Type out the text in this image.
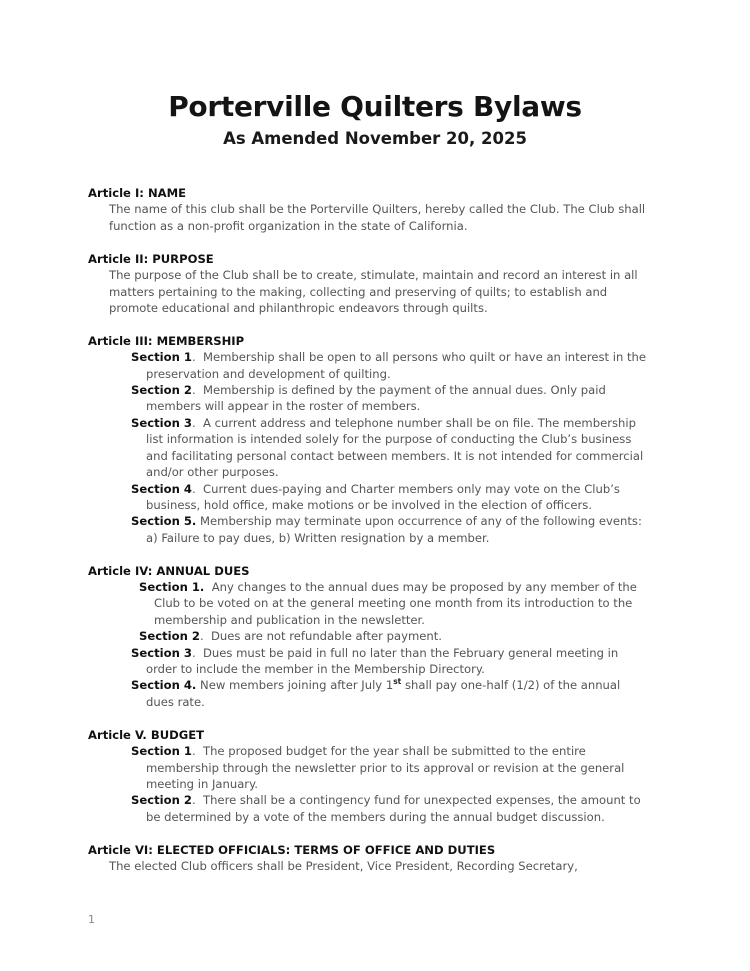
Porterville Quilters Bylaws
As Amended November 20, 2025
Article I: NAME
The name of this club shall be the Porterville Quilters, hereby called the Club. The Club shall function as a non-profit organization in the state of California.
Article II: PURPOSE
The purpose of the Club shall be to create, stimulate, maintain and record an interest in all matters pertaining to the making, collecting and preserving of quilts; to establish and promote educational and philanthropic endeavors through quilts.
Article III: MEMBERSHIP
Section 1.  Membership shall be open to all persons who quilt or have an interest in the preservation and development of quilting.
Section 2.  Membership is defined by the payment of the annual dues. Only paid members will appear in the roster of members.
Section 3.  A current address and telephone number shall be on file. The membership list information is intended solely for the purpose of conducting the Club’s business and facilitating personal contact between members. It is not intended for commercial and/or other purposes.
Section 4.  Current dues-paying and Charter members only may vote on the Club’s business, hold office, make motions or be involved in the election of officers.
Section 5. Membership may terminate upon occurrence of any of the following events: a) Failure to pay dues, b) Written resignation by a member.
Article IV: ANNUAL DUES
Section 1. Any changes to the annual dues may be proposed by any member of the Club to be voted on at the general meeting one month from its introduction to the membership and publication in the newsletter.
Section 2.  Dues are not refundable after payment.
Section 3.  Dues must be paid in full no later than the February general meeting in order to include the member in the Membership Directory.
Section 4. New members joining after July 1st shall pay one-half (1/2) of the annual dues rate.
Article V. BUDGET
Section 1.  The proposed budget for the year shall be submitted to the entire membership through the newsletter prior to its approval or revision at the general meeting in January.
Section 2.  There shall be a contingency fund for unexpected expenses, the amount to be determined by a vote of the members during the annual budget discussion.
Article VI: ELECTED OFFICIALS: TERMS OF OFFICE AND DUTIES
The elected Club officers shall be President, Vice President, Recording Secretary,
1
